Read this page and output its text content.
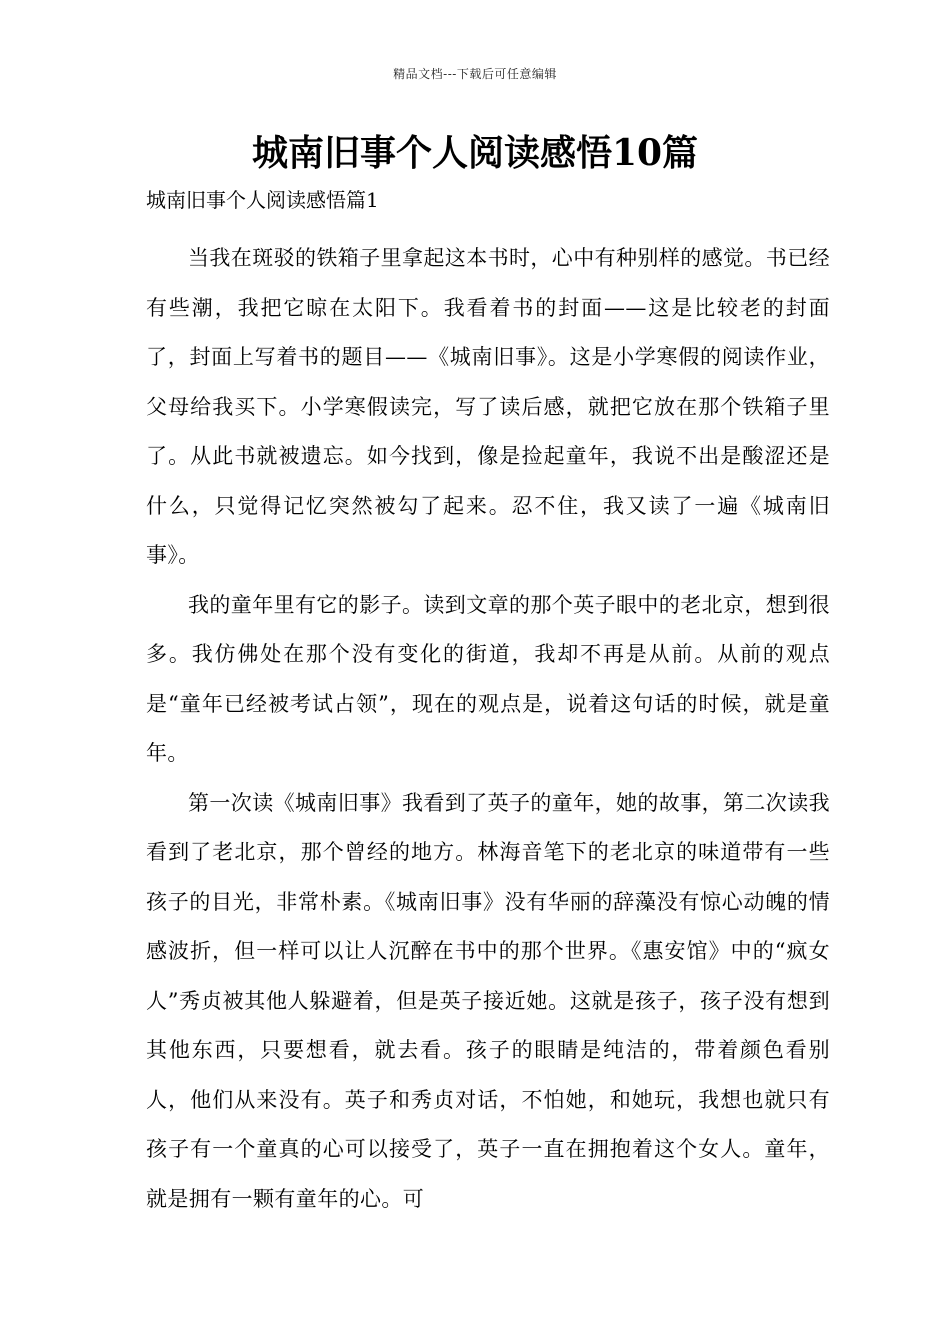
精品文档---下载后可任意编辑
城南旧事个人阅读感悟10篇
城南旧事个人阅读感悟篇1

当我在斑驳的铁箱子里拿起这本书时，心中有种别样的感觉。书已经有些潮，我把它晾在太阳下。我看着书的封面——这是比较老的封面了，封面上写着书的题目——《城南旧事》。这是小学寒假的阅读作业，父母给我买下。小学寒假读完，写了读后感，就把它放在那个铁箱子里了。从此书就被遗忘。如今找到，像是捡起童年，我说不出是酸涩还是什么，只觉得记忆突然被勾了起来。忍不住，我又读了一遍《城南旧事》。

我的童年里有它的影子。读到文章的那个英子眼中的老北京，想到很多。我仿佛处在那个没有变化的街道，我却不再是从前。从前的观点是“童年已经被考试占领”，现在的观点是，说着这句话的时候，就是童年。

第一次读《城南旧事》我看到了英子的童年，她的故事，第二次读我看到了老北京，那个曾经的地方。林海音笔下的老北京的味道带有一些孩子的目光，非常朴素。《城南旧事》没有华丽的辞藻没有惊心动魄的情感波折，但一样可以让人沉醉在书中的那个世界。《惠安馆》中的“疯女人”秀贞被其他人躲避着，但是英子接近她。这就是孩子，孩子没有想到其他东西，只要想看，就去看。孩子的眼睛是纯洁的，带着颜色看别人，他们从来没有。英子和秀贞对话，不怕她，和她玩，我想也就只有孩子有一个童真的心可以接受了，英子一直在拥抱着这个女人。童年，就是拥有一颗有童年的心。可
